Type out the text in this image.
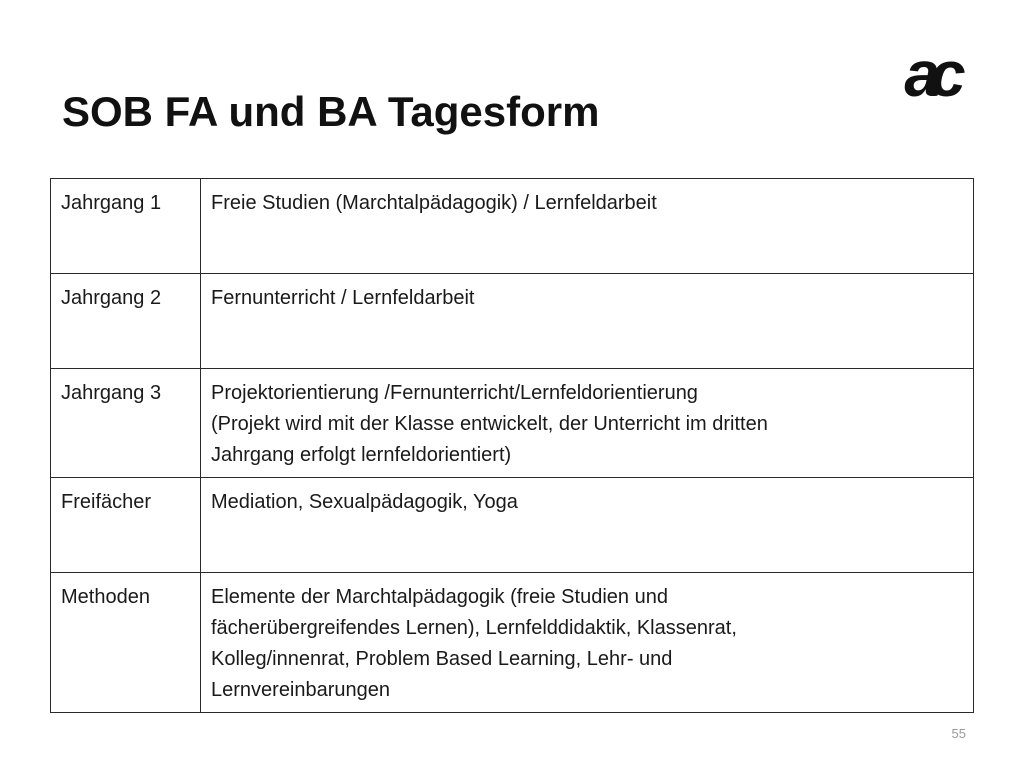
SOB FA und BA Tagesform
ac
Jahrgang 1	Freie Studien (Marchtalpädagogik) / Lernfeldarbeit

Jahrgang 2	Fernunterricht / Lernfeldarbeit

Jahrgang 3	Projektorientierung /Fernunterricht/Lernfeldorientierung
(Projekt wird mit der Klasse entwickelt, der Unterricht im dritten
Jahrgang erfolgt lernfeldorientiert)

Freifächer	Mediation, Sexualpädagogik, Yoga

Methoden	Elemente der Marchtalpädagogik (freie Studien und
fächerübergreifendes Lernen), Lernfelddidaktik, Klassenrat,
Kolleg/innenrat, Problem Based Learning, Lehr- und
Lernvereinbarungen
55
